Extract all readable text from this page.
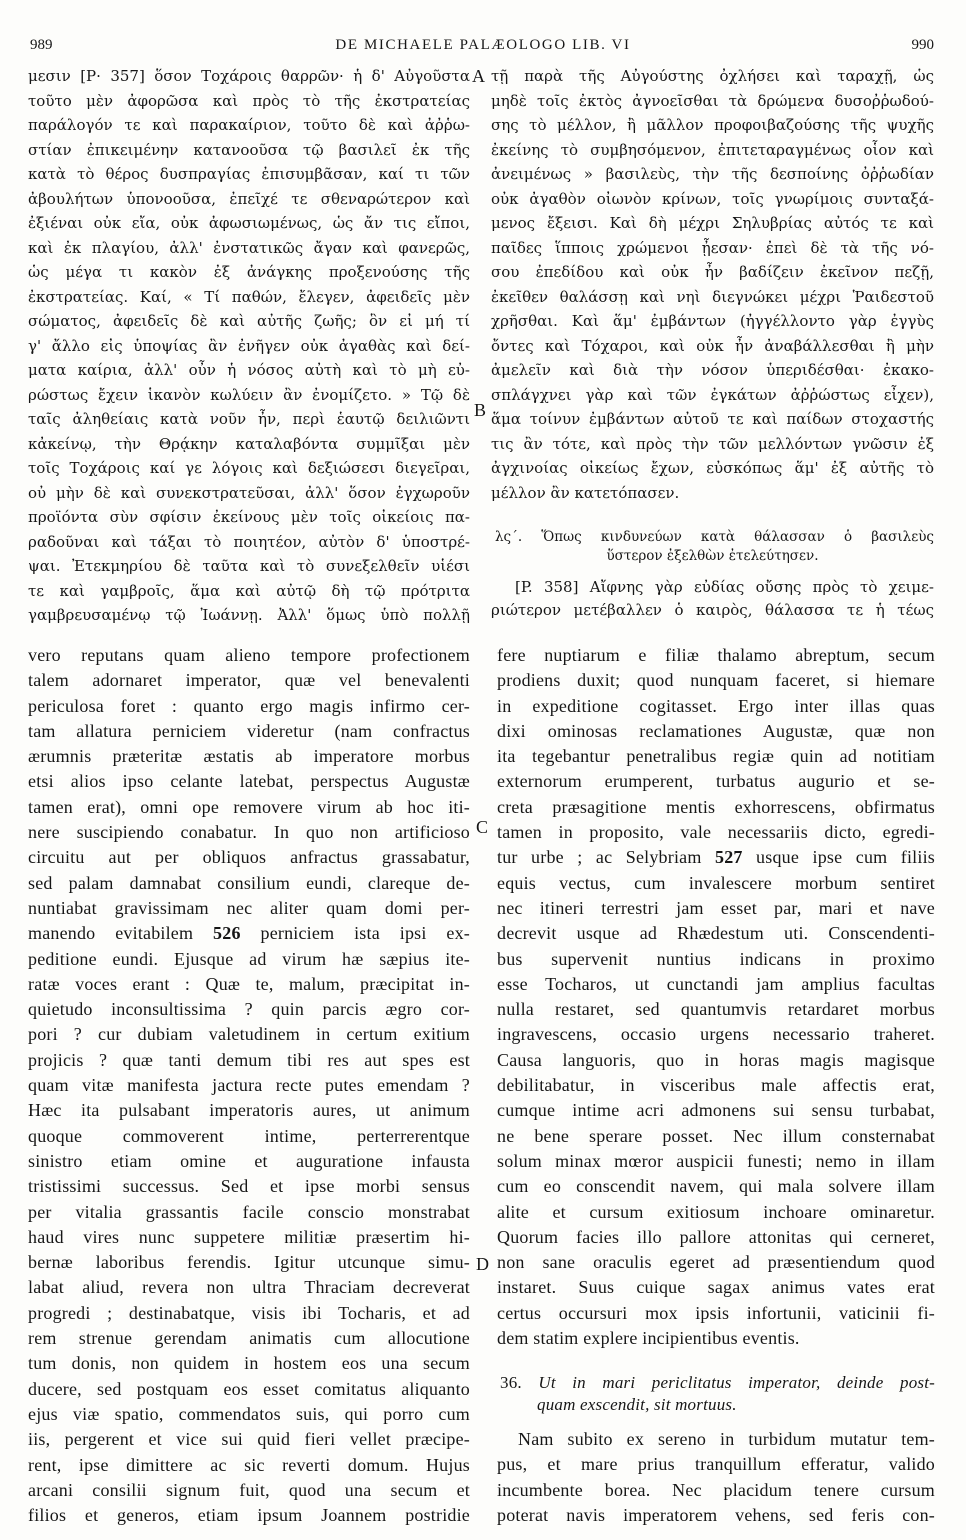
989	DE MICHAELE PALÆOLOGO LIB. VI	990
μεσιν [P· 357] ὅσον Τοχάροις θαρρῶν· ἡ δ' Αὐγοῦστα
τοῦτο μὲν ἀφορῶσα καὶ πρὸς τὸ τῆς ἐκστρατείας
παράλογόν τε καὶ παρακαίριον, τοῦτο δὲ καὶ ἀῤῥω-
στίαν ἐπικειμένην κατανοοῦσα τῷ βασιλεῖ ἐκ τῆς
κατὰ τὸ θέρος δυσπραγίας ἐπισυμβᾶσαν, καί τι τῶν
ἀβουλήτων ὑπονοοῦσα, ἐπεῖχέ τε σθεναρώτερον καὶ
ἐξιέναι οὐκ εἴα, οὐκ ἀφωσιωμένως, ὡς ἄν τις εἴποι,
καὶ ἐκ πλαγίου, ἀλλ' ἐνστατικῶς ἄγαν καὶ φανερῶς,
ὡς μέγα τι κακὸν ἐξ ἀνάγκης προξενούσης τῆς
ἐκστρατείας. Καί, « Τί παθών, ἔλεγεν, ἀφειδεῖς μὲν
σώματος, ἀφειδεῖς δὲ καὶ αὐτῆς ζωῆς; ὃν εἰ μή τί
γ' ἄλλο εἰς ὑποψίας ἂν ἐνῆγεν οὐκ ἀγαθὰς καὶ δεί-
ματα καίρια, ἀλλ' οὖν ἡ νόσος αὐτὴ καὶ τὸ μὴ εὐ-
ρώστως ἔχειν ἱκανὸν κωλύειν ἂν ἐνομίζετο. » Τῷ δὲ
ταῖς ἀληθείαις κατὰ νοῦν ἦν, περὶ ἑαυτῷ δειλιῶντι
κἀκείνῳ, τὴν Θρᾴκην καταλαβόντα συμμῖξαι μὲν
τοῖς Τοχάροις καί γε λόγοις καὶ δεξιώσεσι διεγεῖραι,
οὐ μὴν δὲ καὶ συνεκστρατεῦσαι, ἀλλ' ὅσον ἐγχωροῦν
προϊόντα σὺν σφίσιν ἐκείνους μὲν τοῖς οἰκείοις πα-
ραδοῦναι καὶ τάξαι τὸ ποιητέον, αὐτὸν δ' ὑποστρέ-
ψαι. Ἐτεκμηρίου δὲ ταῦτα καὶ τὸ συνεξελθεῖν υἱέσι
τε καὶ γαμβροῖς, ἅμα καὶ αὐτῷ δὴ τῷ πρότριτα
γαμβρευσαμένῳ τῷ Ἰωάννῃ. Ἀλλ' ὅμως ὑπὸ πολλῇ
τῇ παρὰ τῆς Αὐγούστης ὀχλήσει καὶ ταραχῇ, ὡς
μηδὲ τοῖς ἐκτὸς ἀγνοεῖσθαι τὰ δρώμενα δυσοῤῥωδού-
σης τὸ μέλλον, ἢ μᾶλλον προφοιβαζούσης τῆς ψυχῆς
ἐκείνης τὸ συμβησόμενον, ἐπιτεταραγμένως οἷον καὶ
ἀνειμένως » βασιλεὺς, τὴν τῆς δεσποίνης ὀῤῥωδίαν
οὐκ ἀγαθὸν οἰωνὸν κρίνων, τοῖς γνωρίμοις συνταξά-
μενος ἔξεισι. Καὶ δὴ μέχρι Σηλυβρίας αὐτός τε καὶ
παῖδες ἵπποις χρώμενοι ᾖεσαν· ἐπεὶ δὲ τὰ τῆς νό-
σου ἐπεδίδου καὶ οὐκ ἦν βαδίζειν ἐκεῖνον πεζῇ,
ἐκεῖθεν θαλάσσῃ καὶ νηὶ διεγνώκει μέχρι Ῥαιδεστοῦ
χρῆσθαι. Καὶ ἅμ' ἐμβάντων (ἠγγέλλοντο γὰρ ἐγγὺς
ὄντες καὶ Τόχαροι, καὶ οὐκ ἦν ἀναβάλλεσθαι ἢ μὴν
ἀμελεῖν καὶ διὰ τὴν νόσον ὑπεριδέσθαι· ἐκακο-
σπλάγχνει γὰρ καὶ τῶν ἐγκάτων ἀῤῥώστως εἶχεν),
ἅμα τοίνυν ἐμβάντων αὐτοῦ τε καὶ παίδων στοχαστής
τις ἂν τότε, καὶ πρὸς τὴν τῶν μελλόντων γνῶσιν ἐξ
ἀγχινοίας οἰκείως ἔχων, εὐσκόπως ἅμ' ἐξ αὐτῆς τὸ
μέλλον ἂν κατετόπασεν.
λς΄. Ὅπως κινδυνεύων κατὰ θάλασσαν ὁ βασιλεὺς
ὕστερον ἐξελθὼν ἐτελεύτησεν.
[P. 358] Αἴφνης γὰρ εὐδίας οὔσης πρὸς τὸ χειμε-
ριώτερον μετέβαλλεν ὁ καιρὸς, θάλασσα τε ἡ τέως
vero reputans quam alieno tempore profectionem
talem adornaret imperator, quæ vel benevalenti
periculosa foret : quanto ergo magis infirmo cer-
tam allatura perniciem videretur (nam confractus
ærumnis præteritæ æstatis ab imperatore morbus
etsi alios ipso celante latebat, perspectus Augustæ
tamen erat), omni ope removere virum ab hoc iti-
nere suscipiendo conabatur. In quo non artificioso
circuitu aut per obliquos anfractus grassabatur,
sed palam damnabat consilium eundi, clareque de-
nuntiabat gravissimam nec aliter quam domi per-
manendo evitabilem 526 perniciem ista ipsi ex-
peditione eundi. Ejusque ad virum hæ sæpius ite-
ratæ voces erant : Quæ te, malum, præcipitat in-
quietudo inconsultissima ? quin parcis ægro cor-
pori ? cur dubiam valetudinem in certum exitium
projicis ? quæ tanti demum tibi res aut spes est
quam vitæ manifesta jactura recte putes emendam ?
Hæc ita pulsabant imperatoris aures, ut animum
quoque commoverent intime, perterrerentque
sinistro etiam omine et auguratione infausta
tristissimi successus. Sed et ipse morbi sensus
per vitalia grassantis facile conscio monstrabat
haud vires nunc suppetere militiæ præsertim hi-
bernæ laboribus ferendis. Igitur utcunque simu-
labat aliud, revera non ultra Thraciam decreverat
progredi ; destinabatque, visis ibi Tocharis, et ad
rem strenue gerendam animatis cum allocutione
tum donis, non quidem in hostem eos una secum
ducere, sed postquam eos esset comitatus aliquanto
ejus viæ spatio, commendatos suis, qui porro cum
iis, pergerent et vice sui quid fieri vellet præcipe-
rent, ipse dimittere ac sic reverti domum. Hujus
arcani consilii signum fuit, quod una secum et
filios et generos, etiam ipsum Joannem postridie
fere nuptiarum e filiæ thalamo abreptum, secum
prodiens duxit; quod nunquam faceret, si hiemare
in expeditione cogitasset. Ergo inter illas quas
dixi ominosas reclamationes Augustæ, quæ non
ita tegebantur penetralibus regiæ quin ad notitiam
externorum erumperent, turbatus augurio et se-
creta præsagitione mentis exhorrescens, obfirmatus
tamen in proposito, vale necessariis dicto, egredi-
tur urbe ; ac Selybriam 527 usque ipse cum filiis
equis vectus, cum invalescere morbum sentiret
nec itineri terrestri jam esset par, mari et nave
decrevit usque ad Rhædestum uti. Conscendenti-
bus supervenit nuntius indicans in proximo
esse Tocharos, ut cunctandi jam amplius facultas
nulla restaret, sed quantumvis retardaret morbus
ingravescens, occasio urgens necessario traheret.
Causa languoris, quo in horas magis magisque
debilitabatur, in visceribus male affectis erat,
cumque intime acri admonens sui sensu turbabat,
ne bene sperare posset. Nec illum consternabat
solum minax mœror auspicii funesti; nemo in illam
cum eo conscendit navem, qui mala solvere illam
alite et cursum exitiosum inchoare ominaretur.
Quorum facies illo pallore attonitas qui cerneret,
non sane oraculis egeret ad præsentiendum quod
instaret. Suus cuique sagax animus vates erat
certus occursuri mox ipsis infortunii, vaticinii fi-
dem statim explere incipientibus eventis.
36. Ut in mari periclitatus imperator, deinde post-
quam exscendit, sit mortuus.
Nam subito ex sereno in turbidum mutatur tem-
pus, et mare prius tranquillum efferatur, valido
incumbente borea. Nec placidum tenere cursum
poterat navis imperatorem vehens, sed feris con-
A
B
C
D
